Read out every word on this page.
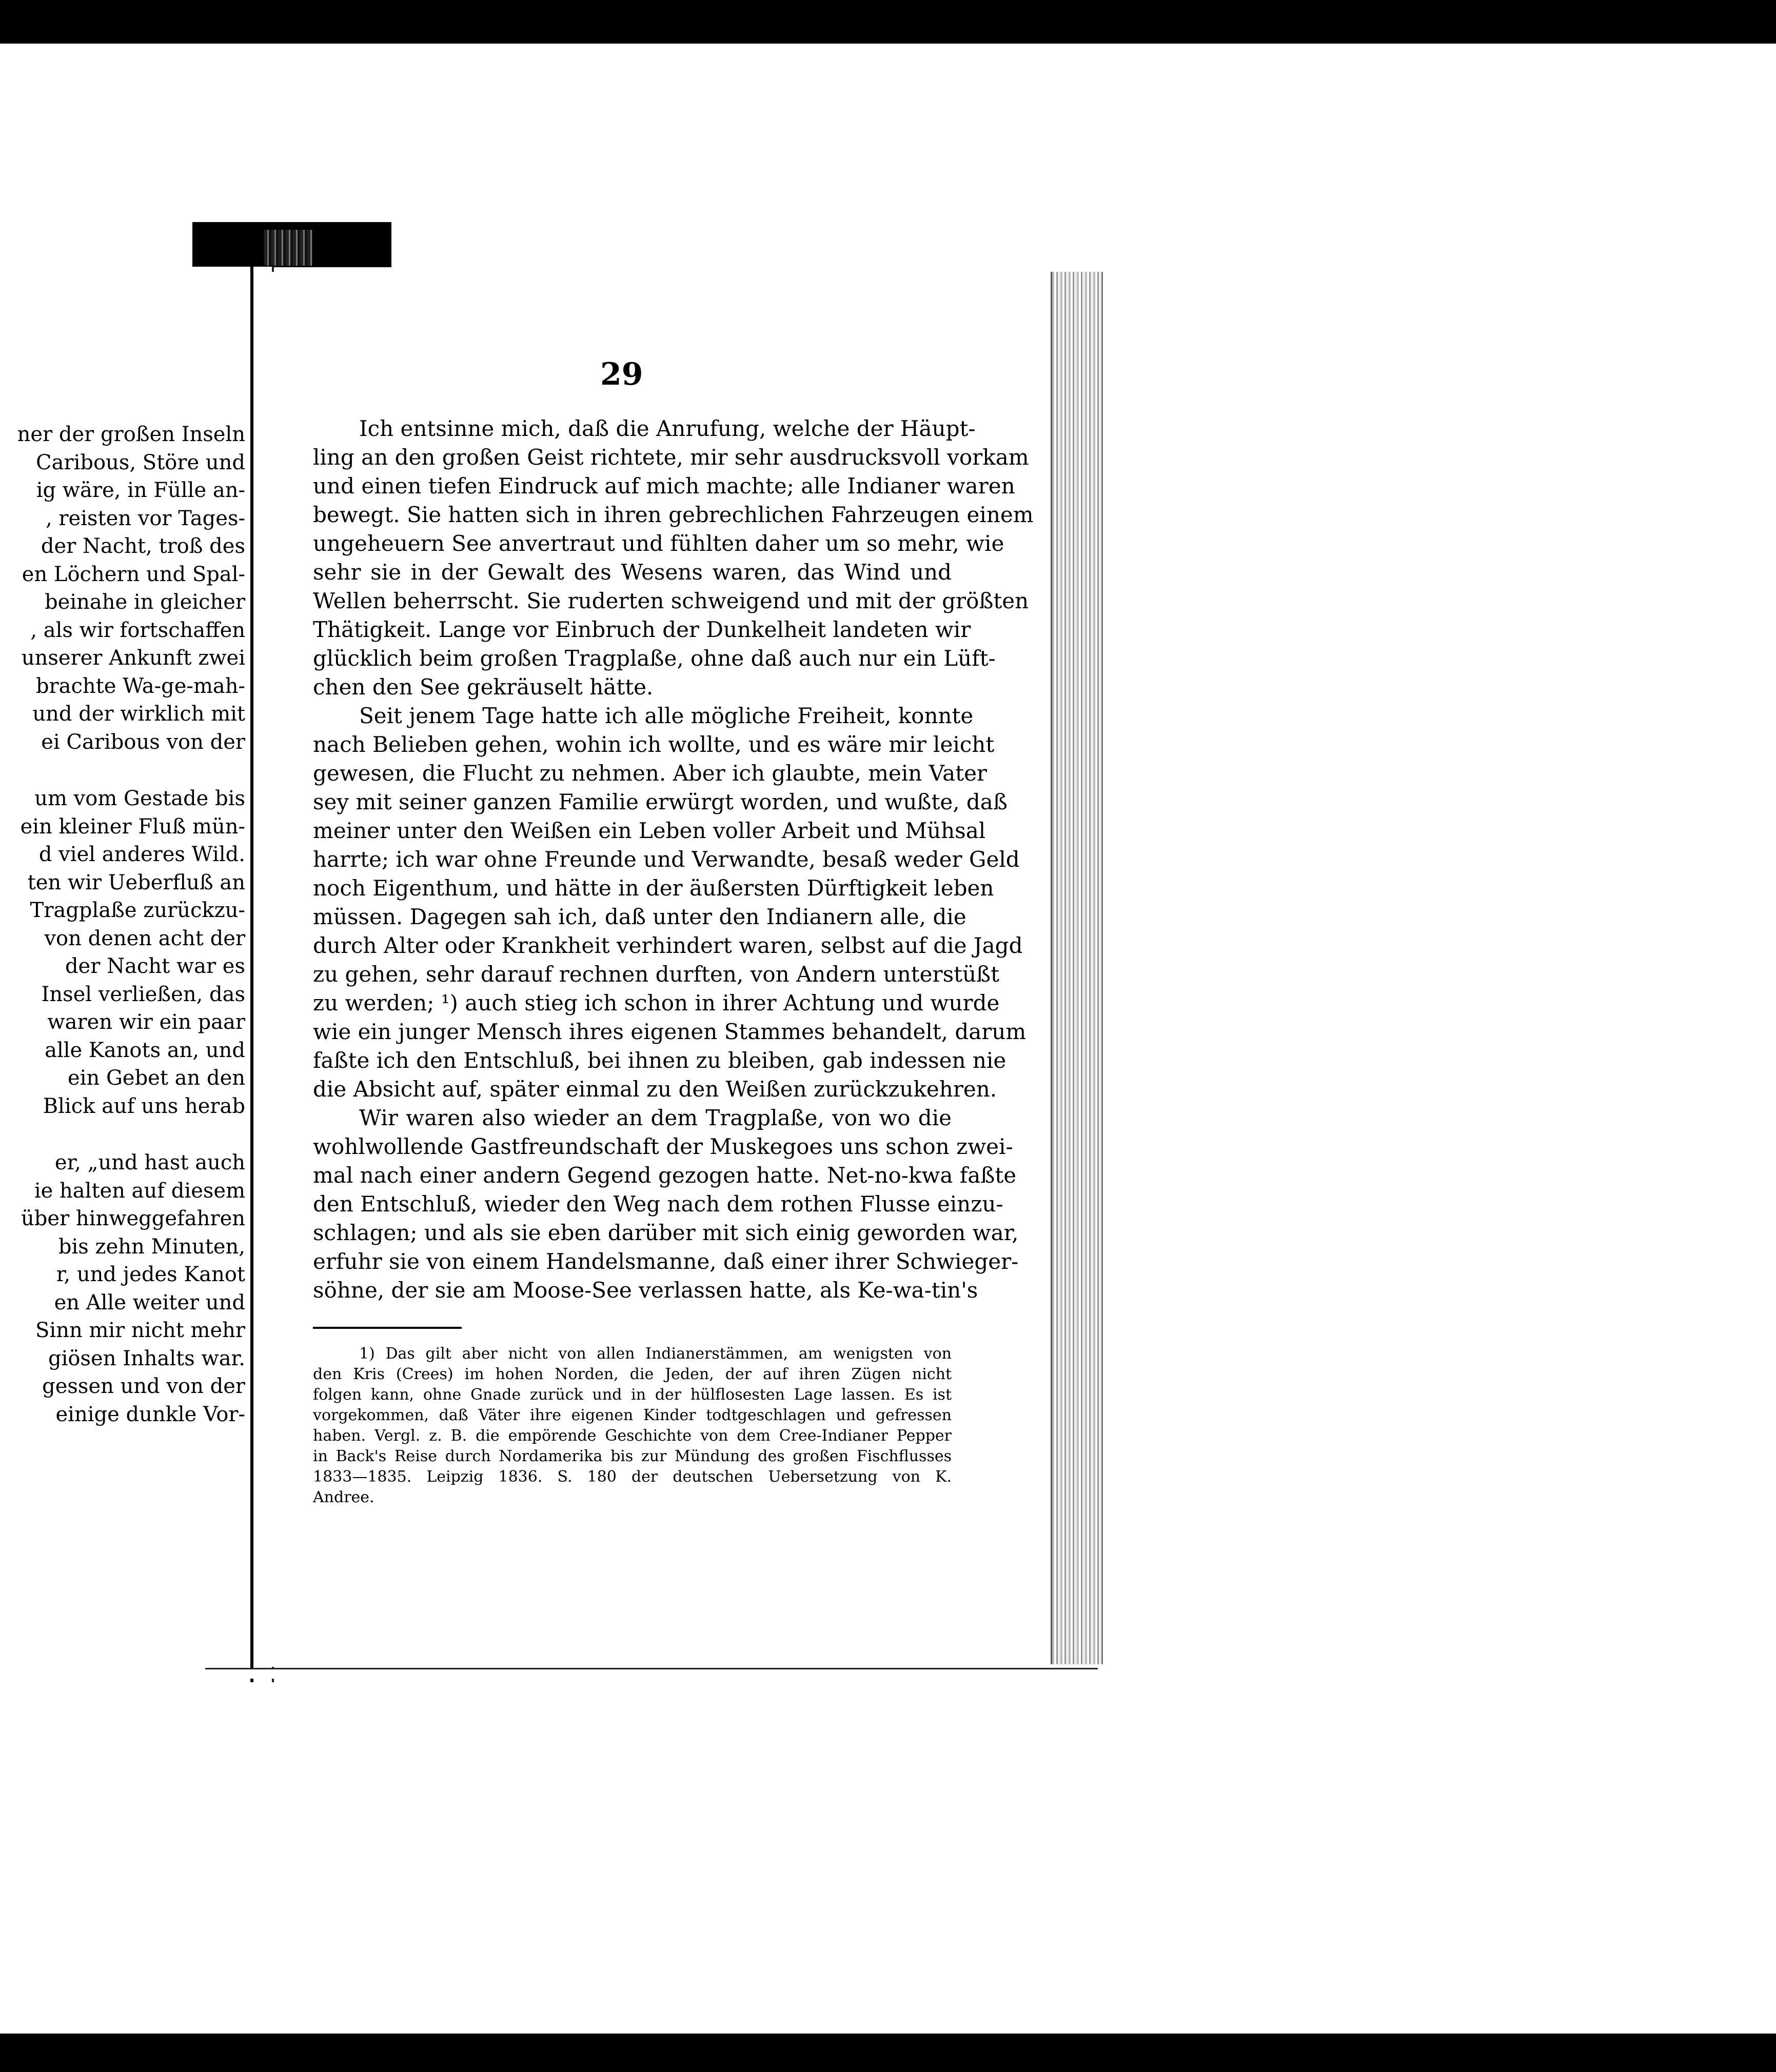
ner der großen Inseln
Caribous, Störe und
ig wäre, in Fülle an-
, reisten vor Tages-
der Nacht, troß des
en Löchern und Spal-
beinahe in gleicher
, als wir fortschaffen
unserer Ankunft zwei
brachte Wa-ge-mah-
und der wirklich mit
ei Caribous von der
um vom Gestade bis
ein kleiner Fluß mün-
d viel anderes Wild.
ten wir Ueberfluß an
Tragplaße zurückzu-
von denen acht der
der Nacht war es
Insel verließen, das
waren wir ein paar
alle Kanots an, und
ein Gebet an den
Blick auf uns herab
er, „und hast auch
ie halten auf diesem
über hinweggefahren
bis zehn Minuten,
r, und jedes Kanot
en Alle weiter und
Sinn mir nicht mehr
giösen Inhalts war.
gessen und von der
einige dunkle Vor-
29
Ich entsinne mich, daß die Anrufung, welche der Häupt-
ling an den großen Geist richtete, mir sehr ausdrucksvoll vorkam
und einen tiefen Eindruck auf mich machte; alle Indianer waren
bewegt. Sie hatten sich in ihren gebrechlichen Fahrzeugen einem
ungeheuern See anvertraut und fühlten daher um so mehr, wie
sehr sie in der Gewalt des Wesens waren, das Wind und
Wellen beherrscht. Sie ruderten schweigend und mit der größten
Thätigkeit. Lange vor Einbruch der Dunkelheit landeten wir
glücklich beim großen Tragplaße, ohne daß auch nur ein Lüft-
chen den See gekräuselt hätte.
Seit jenem Tage hatte ich alle mögliche Freiheit, konnte
nach Belieben gehen, wohin ich wollte, und es wäre mir leicht
gewesen, die Flucht zu nehmen. Aber ich glaubte, mein Vater
sey mit seiner ganzen Familie erwürgt worden, und wußte, daß
meiner unter den Weißen ein Leben voller Arbeit und Mühsal
harrte; ich war ohne Freunde und Verwandte, besaß weder Geld
noch Eigenthum, und hätte in der äußersten Dürftigkeit leben
müssen. Dagegen sah ich, daß unter den Indianern alle, die
durch Alter oder Krankheit verhindert waren, selbst auf die Jagd
zu gehen, sehr darauf rechnen durften, von Andern unterstüßt
zu werden; ¹) auch stieg ich schon in ihrer Achtung und wurde
wie ein junger Mensch ihres eigenen Stammes behandelt, darum
faßte ich den Entschluß, bei ihnen zu bleiben, gab indessen nie
die Absicht auf, später einmal zu den Weißen zurückzukehren.
Wir waren also wieder an dem Tragplaße, von wo die
wohlwollende Gastfreundschaft der Muskegoes uns schon zwei-
mal nach einer andern Gegend gezogen hatte. Net-no-kwa faßte
den Entschluß, wieder den Weg nach dem rothen Flusse einzu-
schlagen; und als sie eben darüber mit sich einig geworden war,
erfuhr sie von einem Handelsmanne, daß einer ihrer Schwieger-
söhne, der sie am Moose-See verlassen hatte, als Ke-wa-tin's
1) Das gilt aber nicht von allen Indianerstämmen, am wenigsten von
den Kris (Crees) im hohen Norden, die Jeden, der auf ihren Zügen nicht
folgen kann, ohne Gnade zurück und in der hülflosesten Lage lassen. Es ist
vorgekommen, daß Väter ihre eigenen Kinder todtgeschlagen und gefressen
haben. Vergl. z. B. die empörende Geschichte von dem Cree-Indianer Pepper
in Back's Reise durch Nordamerika bis zur Mündung des großen Fischflusses
1833—1835. Leipzig 1836. S. 180 der deutschen Uebersetzung von K.
Andree.
